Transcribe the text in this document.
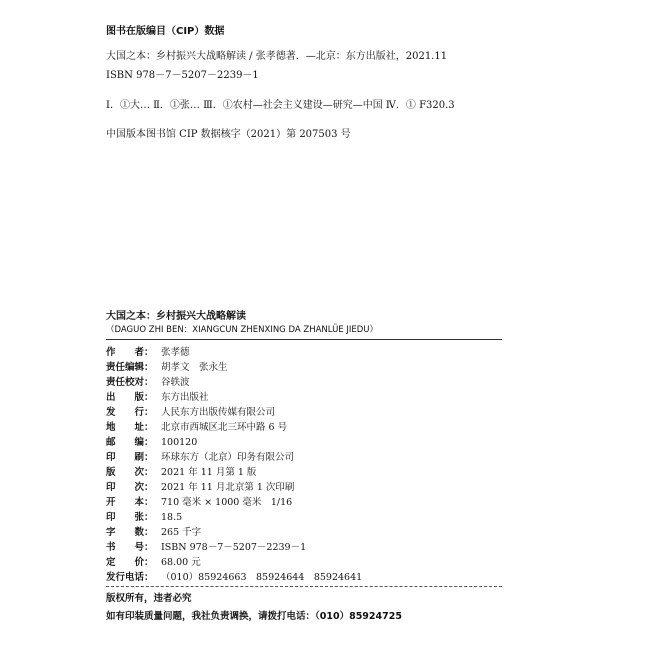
图书在版编目（CIP）数据
大国之本：乡村振兴大战略解读 / 张孝德著．—北京：东方出版社，2021.11
ISBN 978－7－5207－2239－1
Ⅰ．①大… Ⅱ．①张… Ⅲ．①农村—社会主义建设—研究—中国 Ⅳ．① F320.3
中国版本图书馆 CIP 数据核字（2021）第 207503 号
大国之本：乡村振兴大战略解读
（DAGUO ZHI BEN：XIANGCUN ZHENXING DA ZHANLÜE JIEDU）
作　　者： 张孝德
责任编辑： 胡孝文　张永生
责任校对： 谷轶波
出　　版： 东方出版社
发　　行： 人民东方出版传媒有限公司
地　　址： 北京市西城区北三环中路 6 号
邮　　编： 100120
印　　刷： 环球东方（北京）印务有限公司
版　　次： 2021 年 11 月第 1 版
印　　次： 2021 年 11 月北京第 1 次印刷
开　　本： 710 毫米 × 1000 毫米　1/16
印　　张： 18.5
字　　数： 265 千字
书　　号： ISBN 978－7－5207－2239－1
定　　价： 68.00 元
发行电话： （010）85924663　85924644　85924641
版权所有，违者必究
如有印装质量问题，我社负责调换，请拨打电话：（010）85924725
